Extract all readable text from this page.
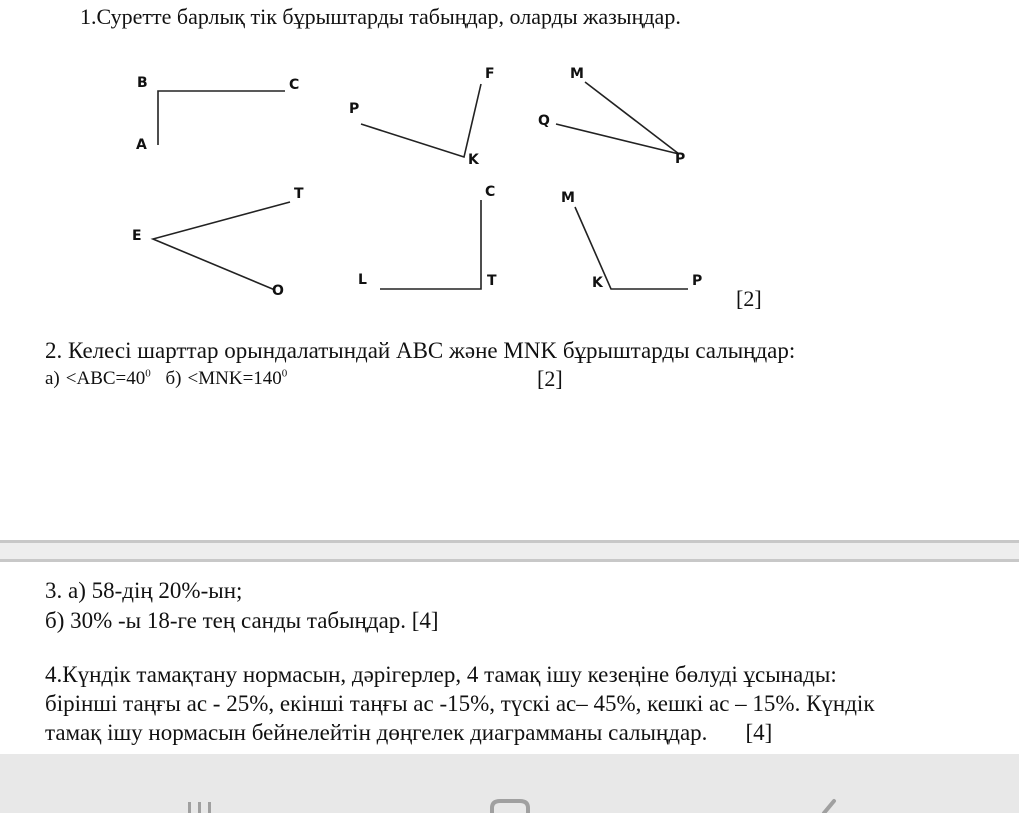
1.Суретте барлық тік бұрыштарды табыңдар, оларды жазыңдар.
B	C
A
F
P
K
M
Q
P
T
E
O
C
L	T
M
K	P
[2]
2. Келесі шарттар орындалатындай АВС және MNK бұрыштарды салыңдар:
$а) <ABC=40^0$ $б) <MNK=140^0$	[2]
3. а) 58-дің 20%-ын;
б) 30% -ы 18-ге тең санды табыңдар. [4]
4.Күндік тамақтану нормасын, дәрігерлер, 4 тамақ ішу кезеңіне бөлуді ұсынады:
бірінші таңғы ас - 25%, екінші таңғы ас -15%, түскі ас– 45%, кешкі ас – 15%. Күндік
тамақ ішу нормасын бейнелейтін дөңгелек диаграмманы салыңдар. [4]
